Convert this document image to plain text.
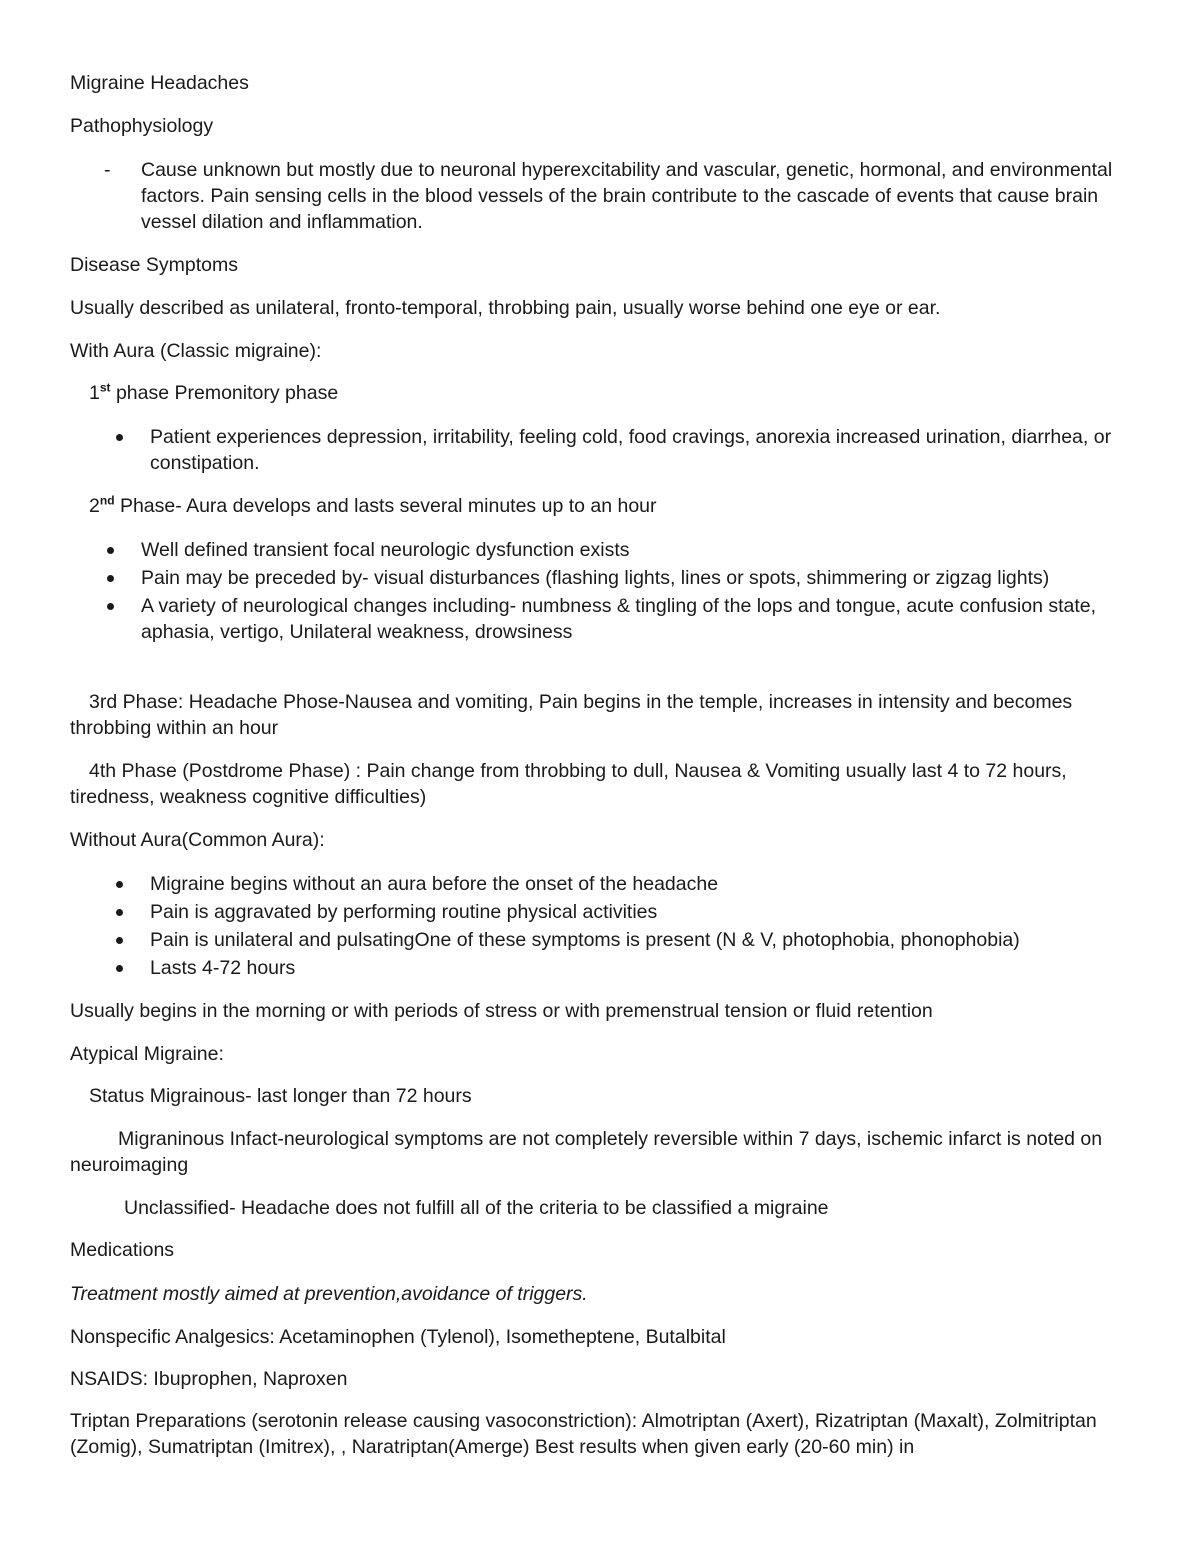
Migraine Headaches

Pathophysiology

- Cause unknown but mostly due to neuronal hyperexcitability and vascular, genetic, hormonal, and environmental factors. Pain sensing cells in the blood vessels of the brain contribute to the cascade of events that cause brain vessel dilation and inflammation.

Disease Symptoms

Usually described as unilateral, fronto-temporal, throbbing pain, usually worse behind one eye or ear.

With Aura (Classic migraine):

1st phase Premonitory phase

Patient experiences depression, irritability, feeling cold, food cravings, anorexia increased urination, diarrhea, or constipation.

2nd Phase- Aura develops and lasts several minutes up to an hour

Well defined transient focal neurologic dysfunction exists
Pain may be preceded by- visual disturbances (flashing lights, lines or spots, shimmering or zigzag lights)
A variety of neurological changes including- numbness & tingling of the lops and tongue, acute confusion state, aphasia, vertigo, Unilateral weakness, drowsiness

3rd Phase: Headache Phose-Nausea and vomiting, Pain begins in the temple, increases in intensity and becomes throbbing within an hour

4th Phase (Postdrome Phase) : Pain change from throbbing to dull, Nausea & Vomiting usually last 4 to 72 hours, tiredness, weakness cognitive difficulties)

Without Aura(Common Aura):

Migraine begins without an aura before the onset of the headache
Pain is aggravated by performing routine physical activities
Pain is unilateral and pulsatingOne of these symptoms is present (N & V, photophobia, phonophobia)
Lasts 4-72 hours

Usually begins in the morning or with periods of stress or with premenstrual tension or fluid retention

Atypical Migraine:

Status Migrainous- last longer than 72 hours

Migraninous Infact-neurological symptoms are not completely reversible within 7 days, ischemic infarct is noted on neuroimaging

Unclassified- Headache does not fulfill all of the criteria to be classified a migraine

Medications

Treatment mostly aimed at prevention,avoidance of triggers.

Nonspecific Analgesics: Acetaminophen (Tylenol), Isometheptene, Butalbital

NSAIDS: Ibuprophen, Naproxen

Triptan Preparations (serotonin release causing vasoconstriction): Almotriptan (Axert), Rizatriptan (Maxalt), Zolmitriptan (Zomig), Sumatriptan (Imitrex), , Naratriptan(Amerge) Best results when given early (20-60 min) in
